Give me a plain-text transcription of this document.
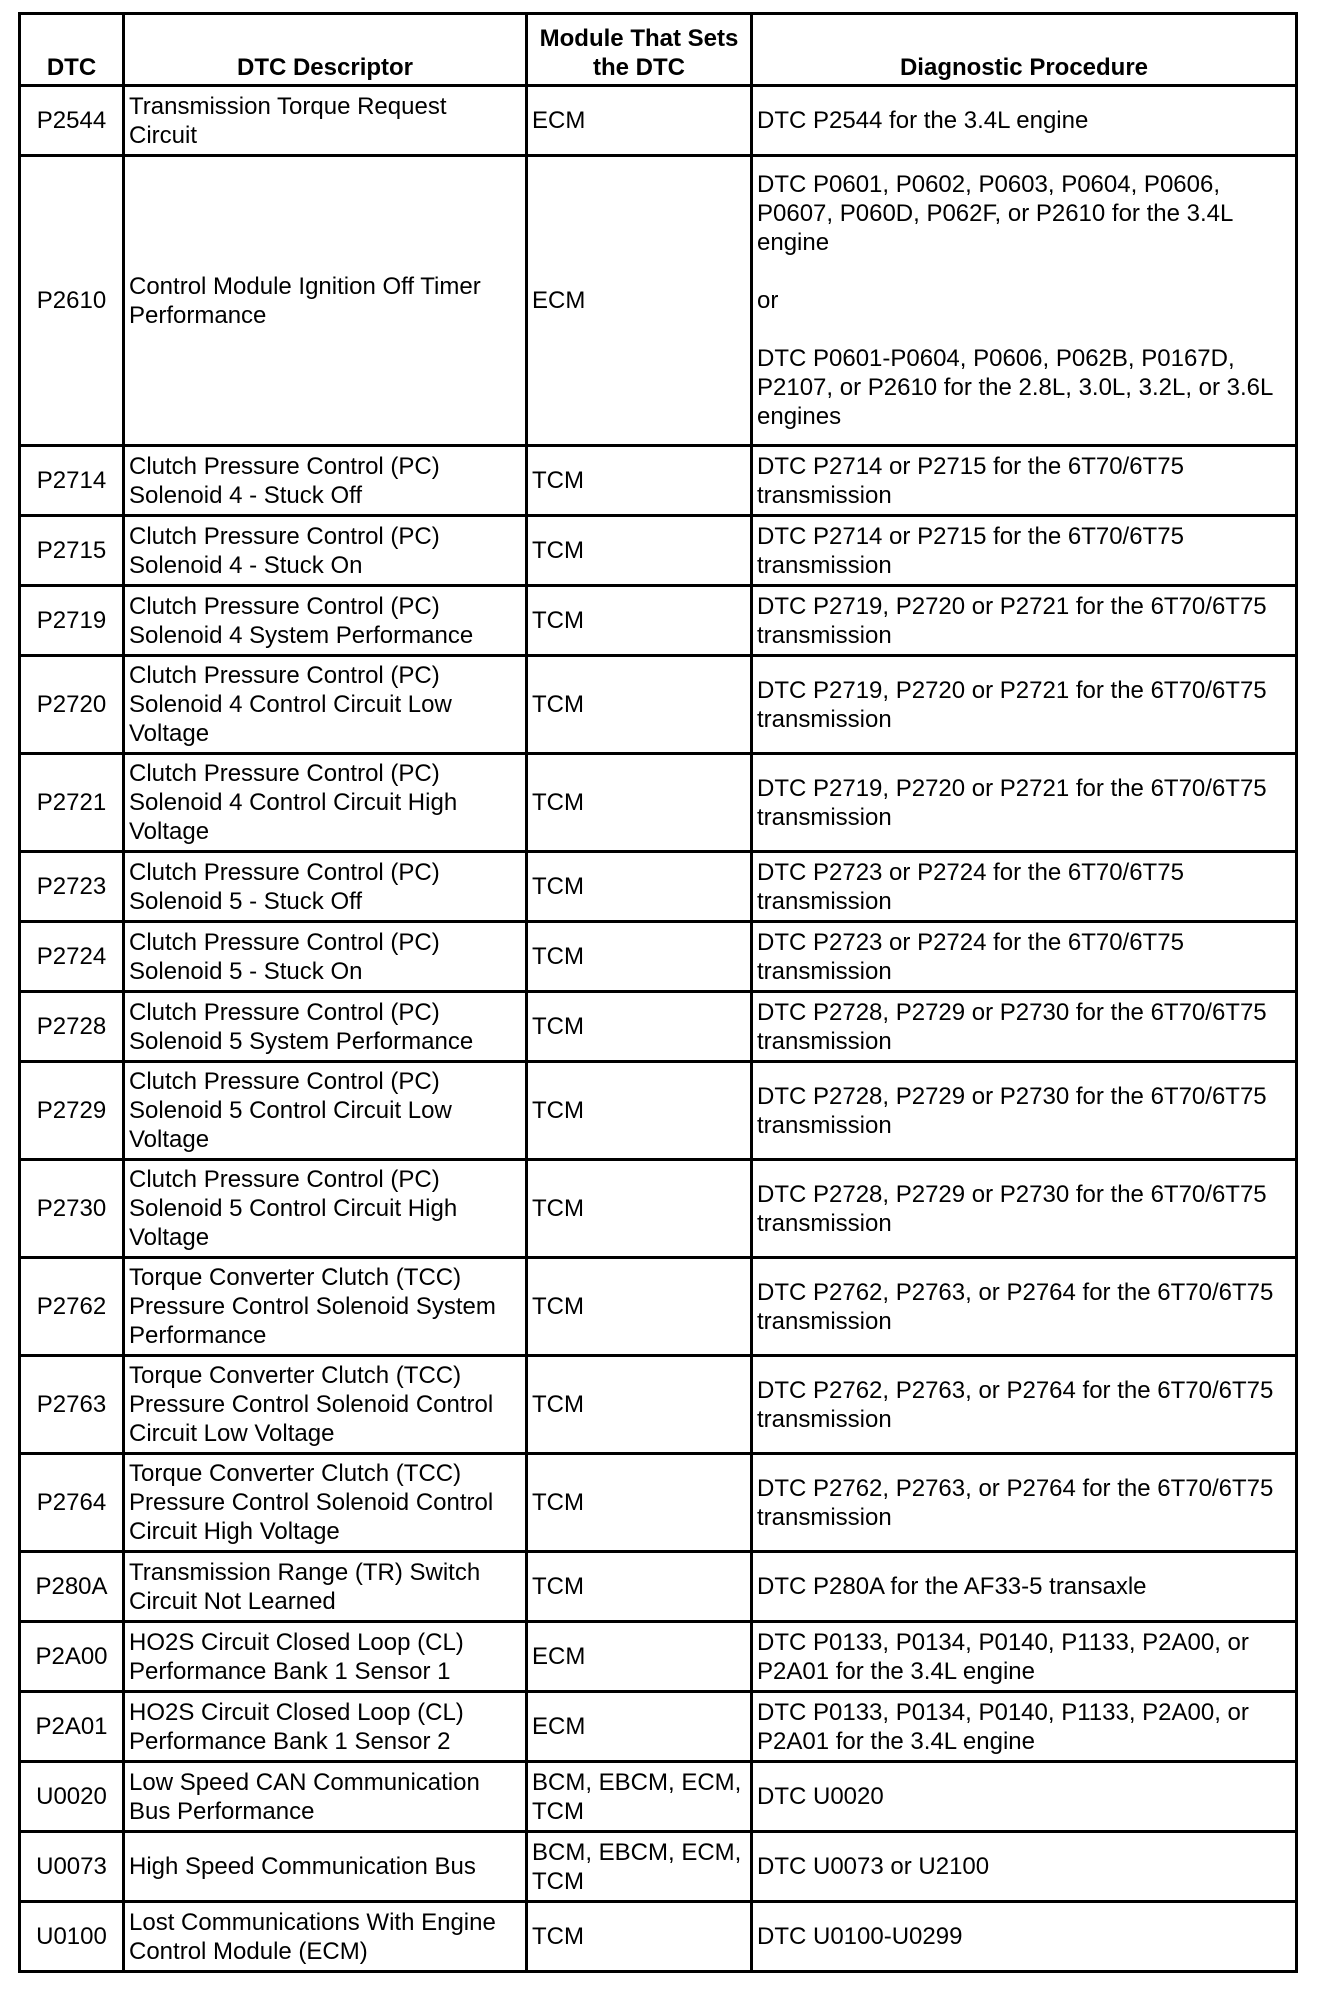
DTC	DTC Descriptor	Module That Sets the DTC	Diagnostic Procedure
P2544	Transmission Torque Request Circuit	ECM	DTC P2544 for the 3.4L engine
P2610	Control Module Ignition Off Timer Performance	ECM	DTC P0601, P0602, P0603, P0604, P0606, P0607, P060D, P062F, or P2610 for the 3.4L engine

or

DTC P0601-P0604, P0606, P062B, P0167D, P2107, or P2610 for the 2.8L, 3.0L, 3.2L, or 3.6L engines
P2714	Clutch Pressure Control (PC) Solenoid 4 - Stuck Off	TCM	DTC P2714 or P2715 for the 6T70/6T75 transmission
P2715	Clutch Pressure Control (PC) Solenoid 4 - Stuck On	TCM	DTC P2714 or P2715 for the 6T70/6T75 transmission
P2719	Clutch Pressure Control (PC) Solenoid 4 System Performance	TCM	DTC P2719, P2720 or P2721 for the 6T70/6T75 transmission
P2720	Clutch Pressure Control (PC) Solenoid 4 Control Circuit Low Voltage	TCM	DTC P2719, P2720 or P2721 for the 6T70/6T75 transmission
P2721	Clutch Pressure Control (PC) Solenoid 4 Control Circuit High Voltage	TCM	DTC P2719, P2720 or P2721 for the 6T70/6T75 transmission
P2723	Clutch Pressure Control (PC) Solenoid 5 - Stuck Off	TCM	DTC P2723 or P2724 for the 6T70/6T75 transmission
P2724	Clutch Pressure Control (PC) Solenoid 5 - Stuck On	TCM	DTC P2723 or P2724 for the 6T70/6T75 transmission
P2728	Clutch Pressure Control (PC) Solenoid 5 System Performance	TCM	DTC P2728, P2729 or P2730 for the 6T70/6T75 transmission
P2729	Clutch Pressure Control (PC) Solenoid 5 Control Circuit Low Voltage	TCM	DTC P2728, P2729 or P2730 for the 6T70/6T75 transmission
P2730	Clutch Pressure Control (PC) Solenoid 5 Control Circuit High Voltage	TCM	DTC P2728, P2729 or P2730 for the 6T70/6T75 transmission
P2762	Torque Converter Clutch (TCC) Pressure Control Solenoid System Performance	TCM	DTC P2762, P2763, or P2764 for the 6T70/6T75 transmission
P2763	Torque Converter Clutch (TCC) Pressure Control Solenoid Control Circuit Low Voltage	TCM	DTC P2762, P2763, or P2764 for the 6T70/6T75 transmission
P2764	Torque Converter Clutch (TCC) Pressure Control Solenoid Control Circuit High Voltage	TCM	DTC P2762, P2763, or P2764 for the 6T70/6T75 transmission
P280A	Transmission Range (TR) Switch Circuit Not Learned	TCM	DTC P280A for the AF33-5 transaxle
P2A00	HO2S Circuit Closed Loop (CL) Performance Bank 1 Sensor 1	ECM	DTC P0133, P0134, P0140, P1133, P2A00, or P2A01 for the 3.4L engine
P2A01	HO2S Circuit Closed Loop (CL) Performance Bank 1 Sensor 2	ECM	DTC P0133, P0134, P0140, P1133, P2A00, or P2A01 for the 3.4L engine
U0020	Low Speed CAN Communication Bus Performance	BCM, EBCM, ECM, TCM	DTC U0020
U0073	High Speed Communication Bus	BCM, EBCM, ECM, TCM	DTC U0073 or U2100
U0100	Lost Communications With Engine Control Module (ECM)	TCM	DTC U0100-U0299
